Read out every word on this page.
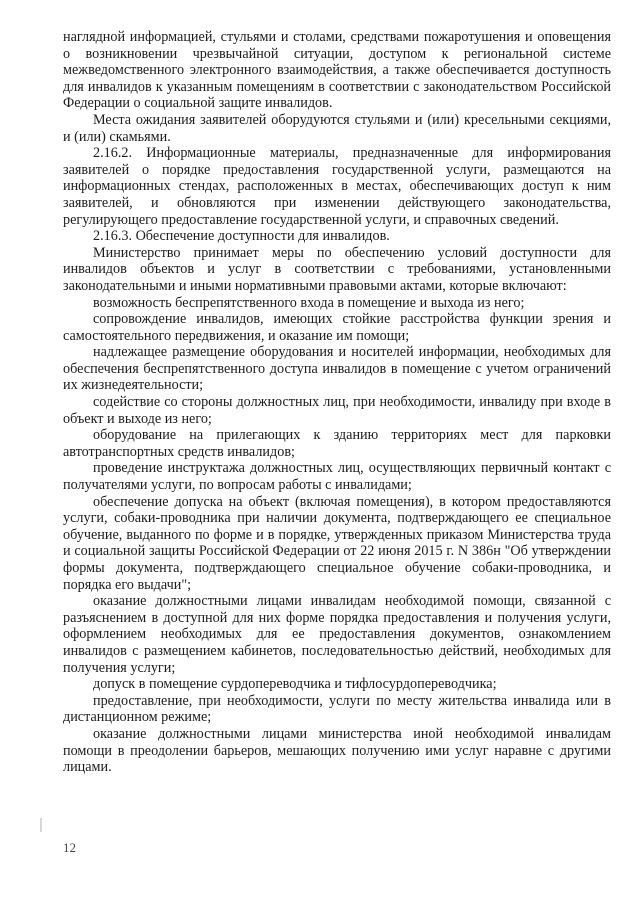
наглядной информацией, стульями и столами, средствами пожаротушения и оповещения о возникновении чрезвычайной ситуации, доступом к региональной системе межведомственного электронного взаимодействия, а также обеспечивается доступность для инвалидов к указанным помещениям в соответствии с законодательством Российской Федерации о социальной защите инвалидов.

Места ожидания заявителей оборудуются стульями и (или) кресельными секциями, и (или) скамьями.

2.16.2. Информационные материалы, предназначенные для информирования заявителей о порядке предоставления государственной услуги, размещаются на информационных стендах, расположенных в местах, обеспечивающих доступ к ним заявителей, и обновляются при изменении действующего законодательства, регулирующего предоставление государственной услуги, и справочных сведений.

2.16.3. Обеспечение доступности для инвалидов.

Министерство принимает меры по обеспечению условий доступности для инвалидов объектов и услуг в соответствии с требованиями, установленными законодательными и иными нормативными правовыми актами, которые включают:

возможность беспрепятственного входа в помещение и выхода из него;

сопровождение инвалидов, имеющих стойкие расстройства функции зрения и самостоятельного передвижения, и оказание им помощи;

надлежащее размещение оборудования и носителей информации, необходимых для обеспечения беспрепятственного доступа инвалидов в помещение с учетом ограничений их жизнедеятельности;

содействие со стороны должностных лиц, при необходимости, инвалиду при входе в объект и выходе из него;

оборудование на прилегающих к зданию территориях мест для парковки автотранспортных средств инвалидов;

проведение инструктажа должностных лиц, осуществляющих первичный контакт с получателями услуги, по вопросам работы с инвалидами;

обеспечение допуска на объект (включая помещения), в котором предоставляются услуги, собаки-проводника при наличии документа, подтверждающего ее специальное обучение, выданного по форме и в порядке, утвержденных приказом Министерства труда и социальной защиты Российской Федерации от 22 июня 2015 г. N 386н "Об утверждении формы документа, подтверждающего специальное обучение собаки-проводника, и порядка его выдачи";

оказание должностными лицами инвалидам необходимой помощи, связанной с разъяснением в доступной для них форме порядка предоставления и получения услуги, оформлением необходимых для ее предоставления документов, ознакомлением инвалидов с размещением кабинетов, последовательностью действий, необходимых для получения услуги;

допуск в помещение сурдопереводчика и тифлосурдопереводчика;

предоставление, при необходимости, услуги по месту жительства инвалида или в дистанционном режиме;

оказание должностными лицами министерства иной необходимой инвалидам помощи в преодолении барьеров, мешающих получению ими услуг наравне с другими лицами.

12
